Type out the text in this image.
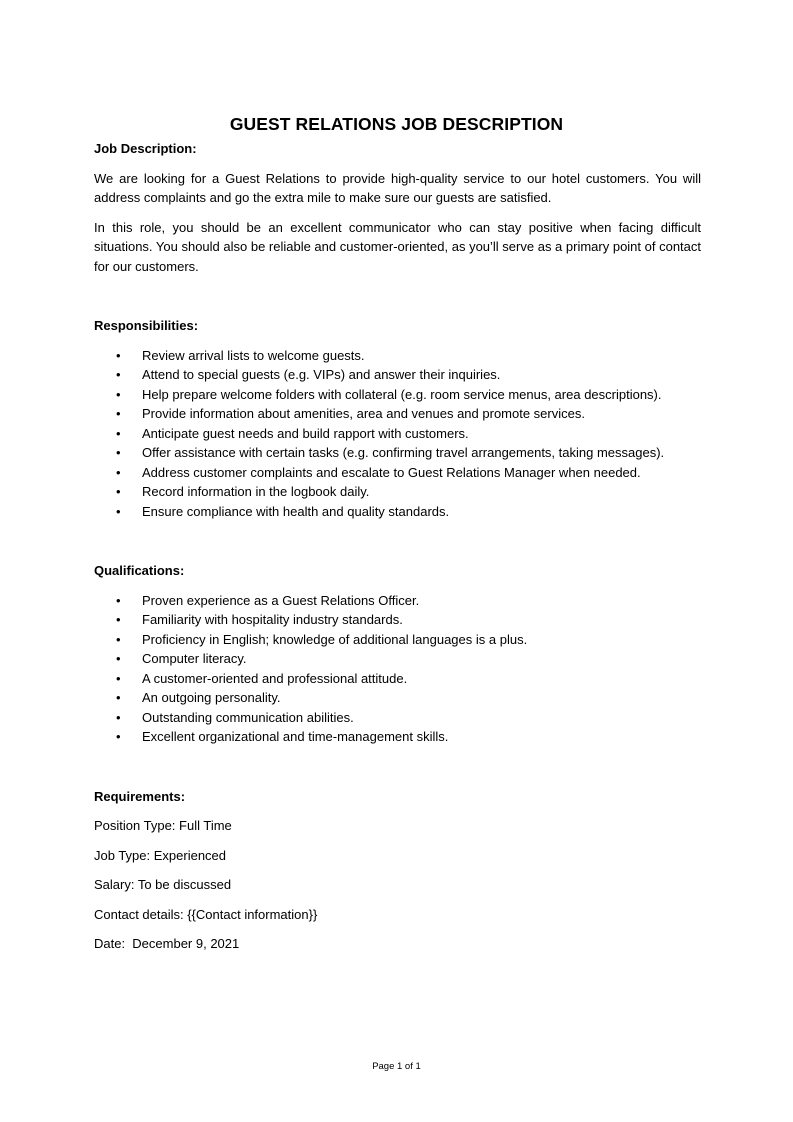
GUEST RELATIONS JOB DESCRIPTION

Job Description:

We are looking for a Guest Relations to provide high-quality service to our hotel customers. You will address complaints and go the extra mile to make sure our guests are satisfied.

In this role, you should be an excellent communicator who can stay positive when facing difficult situations. You should also be reliable and customer-oriented, as you’ll serve as a primary point of contact for our customers.

Responsibilities:

•	Review arrival lists to welcome guests.
•	Attend to special guests (e.g. VIPs) and answer their inquiries.
•	Help prepare welcome folders with collateral (e.g. room service menus, area descriptions).
•	Provide information about amenities, area and venues and promote services.
•	Anticipate guest needs and build rapport with customers.
•	Offer assistance with certain tasks (e.g. confirming travel arrangements, taking messages).
•	Address customer complaints and escalate to Guest Relations Manager when needed.
•	Record information in the logbook daily.
•	Ensure compliance with health and quality standards.

Qualifications:

•	Proven experience as a Guest Relations Officer.
•	Familiarity with hospitality industry standards.
•	Proficiency in English; knowledge of additional languages is a plus.
•	Computer literacy.
•	A customer-oriented and professional attitude.
•	An outgoing personality.
•	Outstanding communication abilities.
•	Excellent organizational and time-management skills.

Requirements:

Position Type: Full Time

Job Type: Experienced

Salary: To be discussed

Contact details: {{Contact information}}

Date:  December 9, 2021

Page 1 of 1
